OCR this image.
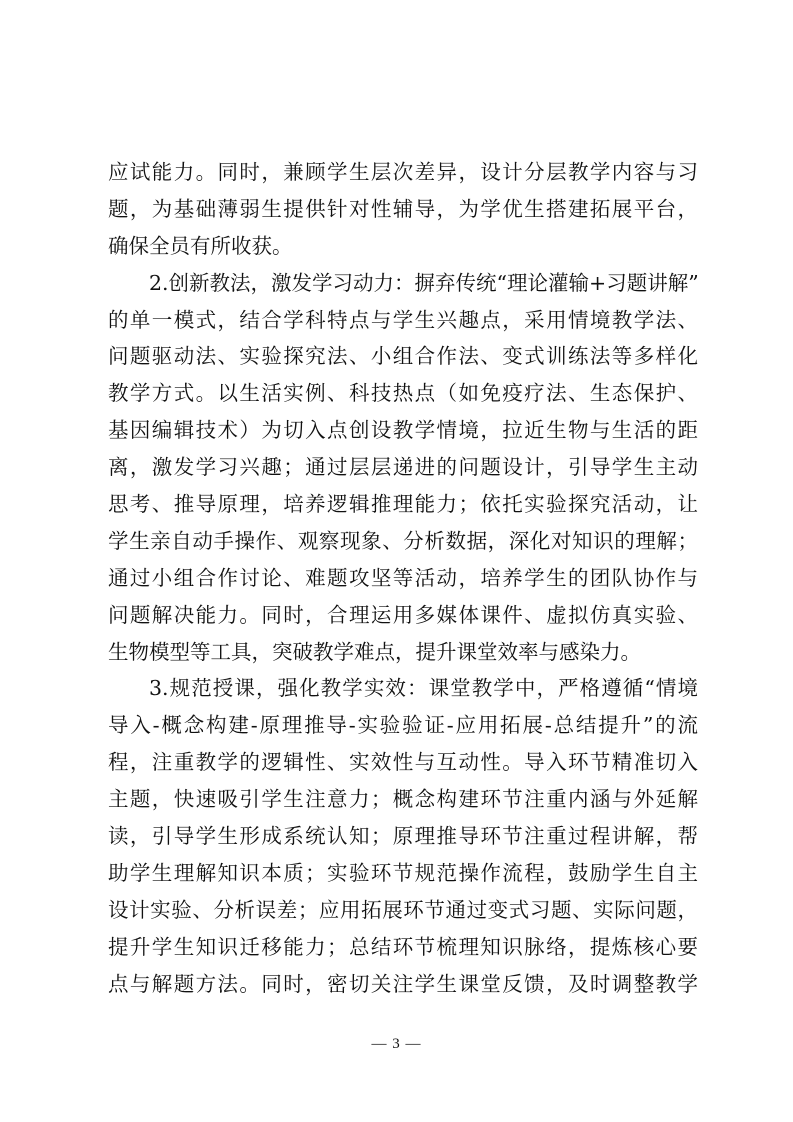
应试能力。同时，兼顾学生层次差异，设计分层教学内容与习
题，为基础薄弱生提供针对性辅导，为学优生搭建拓展平台，
确保全员有所收获。
2.创新教法，激发学习动力：摒弃传统“理论灌输+习题讲解”
的单一模式，结合学科特点与学生兴趣点，采用情境教学法、
问题驱动法、实验探究法、小组合作法、变式训练法等多样化
教学方式。以生活实例、科技热点（如免疫疗法、生态保护、
基因编辑技术）为切入点创设教学情境，拉近生物与生活的距
离，激发学习兴趣；通过层层递进的问题设计，引导学生主动
思考、推导原理，培养逻辑推理能力；依托实验探究活动，让
学生亲自动手操作、观察现象、分析数据，深化对知识的理解；
通过小组合作讨论、难题攻坚等活动，培养学生的团队协作与
问题解决能力。同时，合理运用多媒体课件、虚拟仿真实验、
生物模型等工具，突破教学难点，提升课堂效率与感染力。
3.规范授课，强化教学实效：课堂教学中，严格遵循“情境
导入-概念构建-原理推导-实验验证-应用拓展-总结提升”的流
程，注重教学的逻辑性、实效性与互动性。导入环节精准切入
主题，快速吸引学生注意力；概念构建环节注重内涵与外延解
读，引导学生形成系统认知；原理推导环节注重过程讲解，帮
助学生理解知识本质；实验环节规范操作流程，鼓励学生自主
设计实验、分析误差；应用拓展环节通过变式习题、实际问题，
提升学生知识迁移能力；总结环节梳理知识脉络，提炼核心要
点与解题方法。同时，密切关注学生课堂反馈，及时调整教学
— 3 —
